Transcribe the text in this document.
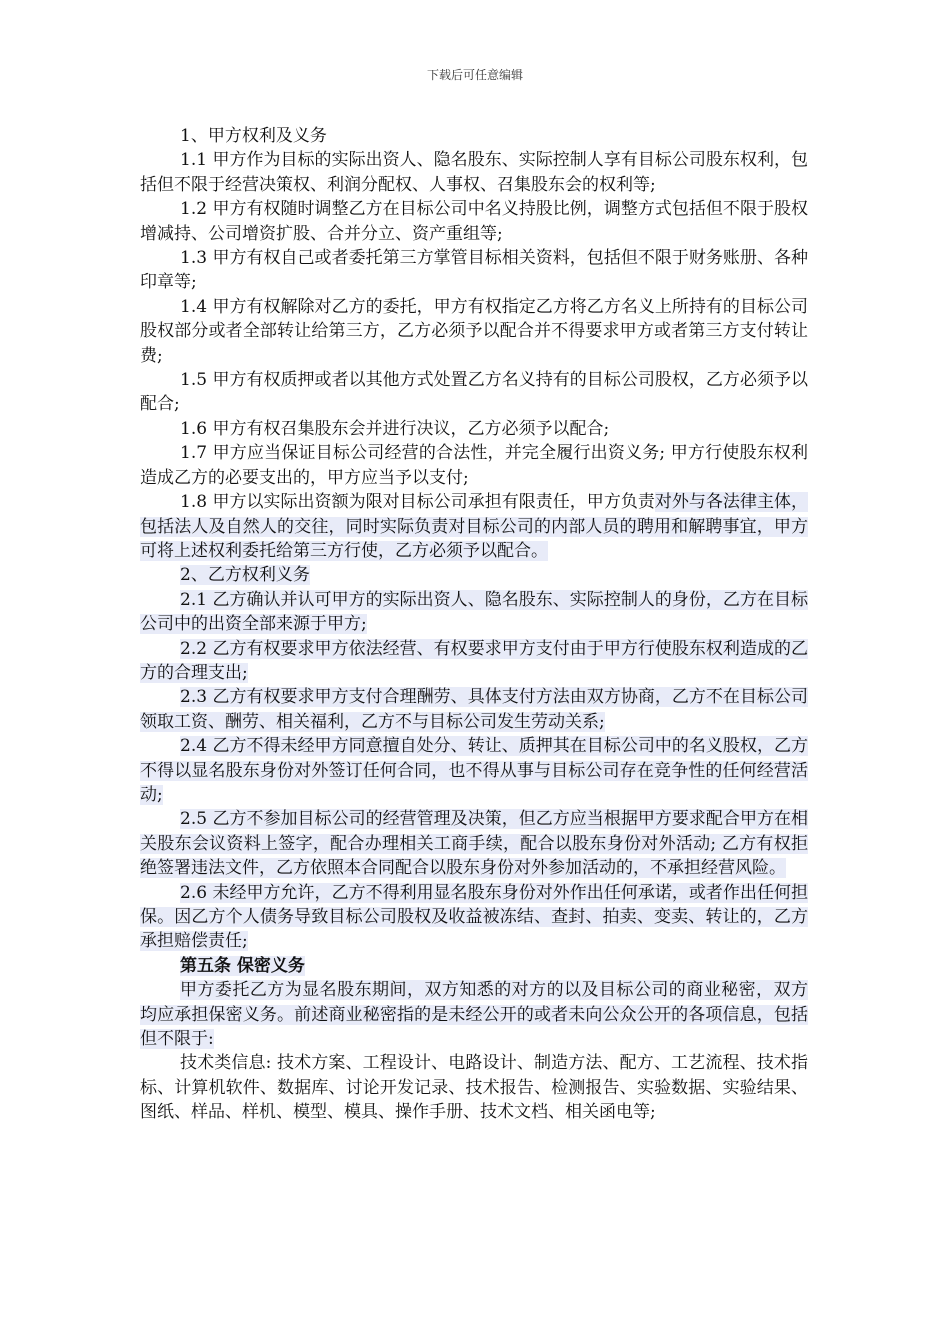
下载后可任意编辑

1、甲方权利及义务

1.1 甲方作为目标的实际出资人、隐名股东、实际控制人享有目标公司股东权利，包括但不限于经营决策权、利润分配权、人事权、召集股东会的权利等;

1.2 甲方有权随时调整乙方在目标公司中名义持股比例，调整方式包括但不限于股权增减持、公司增资扩股、合并分立、资产重组等;

1.3 甲方有权自己或者委托第三方掌管目标相关资料，包括但不限于财务账册、各种印章等;

1.4 甲方有权解除对乙方的委托，甲方有权指定乙方将乙方名义上所持有的目标公司股权部分或者全部转让给第三方，乙方必须予以配合并不得要求甲方或者第三方支付转让费;

1.5 甲方有权质押或者以其他方式处置乙方名义持有的目标公司股权，乙方必须予以配合;

1.6 甲方有权召集股东会并进行决议，乙方必须予以配合;

1.7 甲方应当保证目标公司经营的合法性，并完全履行出资义务; 甲方行使股东权利造成乙方的必要支出的，甲方应当予以支付;

1.8 甲方以实际出资额为限对目标公司承担有限责任，甲方负责对外与各法律主体，包括法人及自然人的交往，同时实际负责对目标公司的内部人员的聘用和解聘事宜，甲方可将上述权利委托给第三方行使，乙方必须予以配合。

2、乙方权利义务

2.1 乙方确认并认可甲方的实际出资人、隐名股东、实际控制人的身份，乙方在目标公司中的出资全部来源于甲方;

2.2 乙方有权要求甲方依法经营、有权要求甲方支付由于甲方行使股东权利造成的乙方的合理支出;

2.3 乙方有权要求甲方支付合理酬劳、具体支付方法由双方协商，乙方不在目标公司领取工资、酬劳、相关福利，乙方不与目标公司发生劳动关系;

2.4 乙方不得未经甲方同意擅自处分、转让、质押其在目标公司中的名义股权，乙方不得以显名股东身份对外签订任何合同，也不得从事与目标公司存在竞争性的任何经营活动;

2.5 乙方不参加目标公司的经营管理及决策，但乙方应当根据甲方要求配合甲方在相关股东会议资料上签字，配合办理相关工商手续，配合以股东身份对外活动; 乙方有权拒绝签署违法文件，乙方依照本合同配合以股东身份对外参加活动的，不承担经营风险。

2.6 未经甲方允许，乙方不得利用显名股东身份对外作出任何承诺，或者作出任何担保。因乙方个人债务导致目标公司股权及收益被冻结、查封、拍卖、变卖、转让的，乙方承担赔偿责任;

第五条 保密义务

甲方委托乙方为显名股东期间，双方知悉的对方的以及目标公司的商业秘密，双方均应承担保密义务。前述商业秘密指的是未经公开的或者未向公众公开的各项信息，包括但不限于:

技术类信息: 技术方案、工程设计、电路设计、制造方法、配方、工艺流程、技术指标、计算机软件、数据库、讨论开发记录、技术报告、检测报告、实验数据、实验结果、图纸、样品、样机、模型、模具、操作手册、技术文档、相关函电等;
